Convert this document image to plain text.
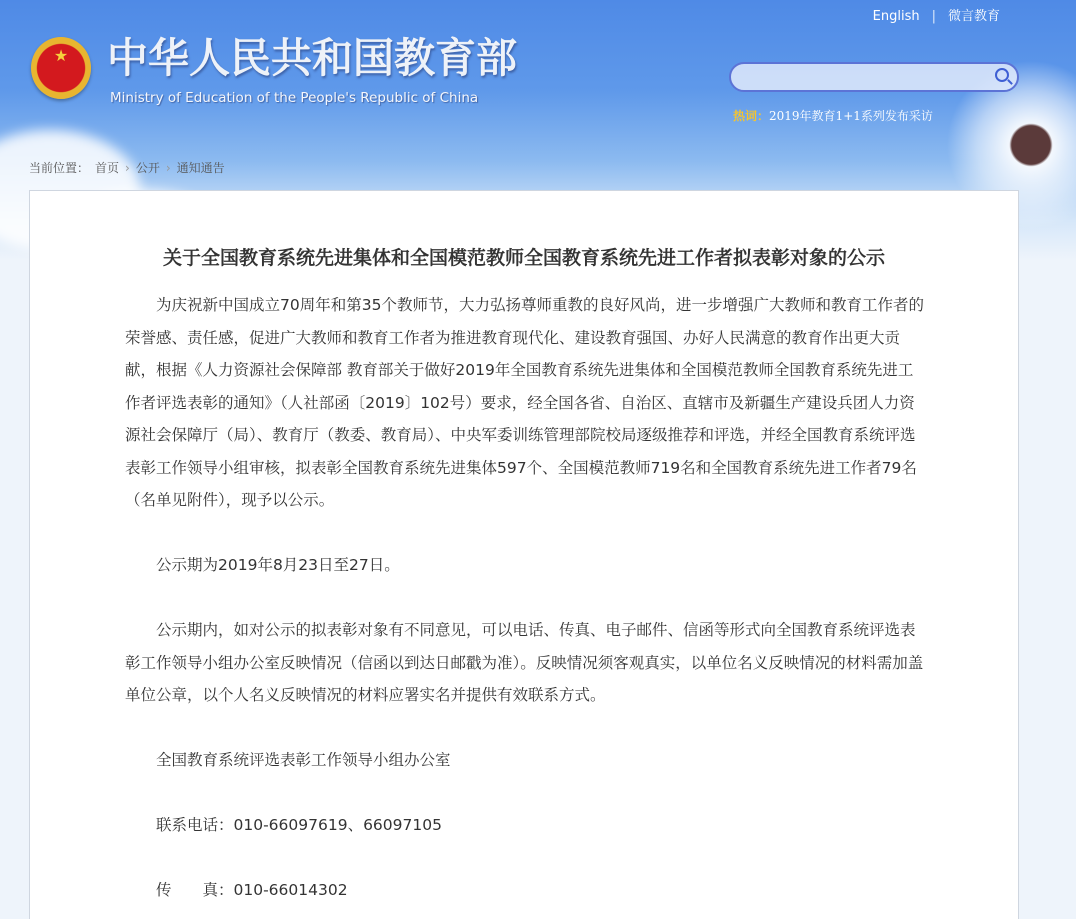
★ 中华人民共和国教育部
Ministry of Education of the People's Republic of China
English | 微言教育
热词：2019年教育1+1系列发布采访
当前位置： 首页 › 公开 › 通知通告
关于全国教育系统先进集体和全国模范教师全国教育系统先进工作者拟表彰对象的公示

为庆祝新中国成立70周年和第35个教师节，大力弘扬尊师重教的良好风尚，进一步增强广大教师和教育工作者的荣誉感、责任感，促进广大教师和教育工作者为推进教育现代化、建设教育强国、办好人民满意的教育作出更大贡献，根据《人力资源社会保障部 教育部关于做好2019年全国教育系统先进集体和全国模范教师全国教育系统先进工作者评选表彰的通知》（人社部函〔2019〕102号）要求，经全国各省、自治区、直辖市及新疆生产建设兵团人力资源社会保障厅（局）、教育厅（教委、教育局）、中央军委训练管理部院校局逐级推荐和评选，并经全国教育系统评选表彰工作领导小组审核，拟表彰全国教育系统先进集体597个、全国模范教师719名和全国教育系统先进工作者79名（名单见附件），现予以公示。

公示期为2019年8月23日至27日。

公示期内，如对公示的拟表彰对象有不同意见，可以电话、传真、电子邮件、信函等形式向全国教育系统评选表彰工作领导小组办公室反映情况（信函以到达日邮戳为准）。反映情况须客观真实，以单位名义反映情况的材料需加盖单位公章，以个人名义反映情况的材料应署实名并提供有效联系方式。

全国教育系统评选表彰工作领导小组办公室

联系电话：010-66097619、66097105

传　　真：010-66014302
